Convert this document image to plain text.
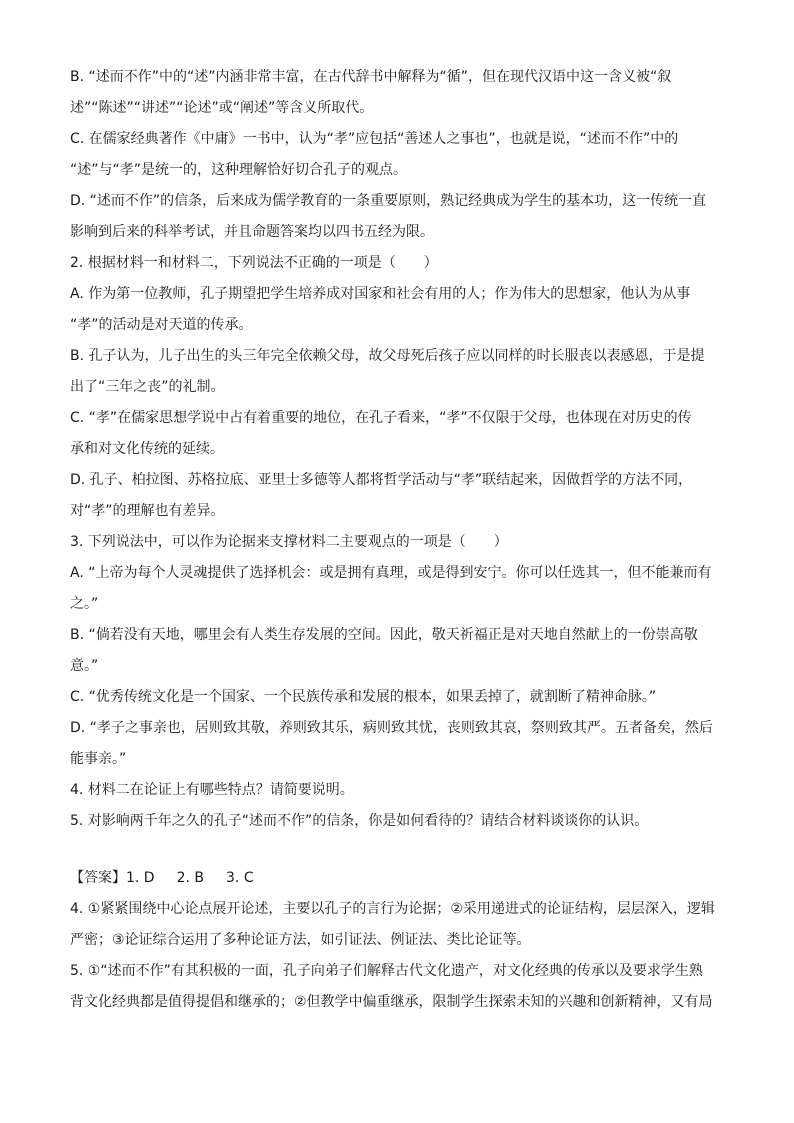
B. “述而不作”中的“述”内涵非常丰富，在古代辞书中解释为“循”，但在现代汉语中这一含义被“叙
述”“陈述”“讲述”“论述”或“阐述”等含义所取代。
C. 在儒家经典著作《中庸》一书中，认为“孝”应包括“善述人之事也”，也就是说，“述而不作”中的
“述”与“孝”是统一的，这种理解恰好切合孔子的观点。
D. “述而不作”的信条，后来成为儒学教育的一条重要原则，熟记经典成为学生的基本功，这一传统一直
影响到后来的科举考试，并且命题答案均以四书五经为限。
2. 根据材料一和材料二，下列说法不正确的一项是（　　）
A. 作为第一位教师，孔子期望把学生培养成对国家和社会有用的人；作为伟大的思想家，他认为从事
“孝”的活动是对天道的传承。
B. 孔子认为，儿子出生的头三年完全依赖父母，故父母死后孩子应以同样的时长服丧以表感恩，于是提
出了“三年之丧”的礼制。
C. “孝”在儒家思想学说中占有着重要的地位，在孔子看来，“孝”不仅限于父母，也体现在对历史的传
承和对文化传统的延续。
D. 孔子、柏拉图、苏格拉底、亚里士多德等人都将哲学活动与“孝”联结起来，因做哲学的方法不同，
对“孝”的理解也有差异。
3. 下列说法中，可以作为论据来支撑材料二主要观点的一项是（　　）
A. “上帝为每个人灵魂提供了选择机会：或是拥有真理，或是得到安宁。你可以任选其一，但不能兼而有
之。”
B. “倘若没有天地，哪里会有人类生存发展的空间。因此，敬天祈福正是对天地自然献上的一份崇高敬
意。”
C. “优秀传统文化是一个国家、一个民族传承和发展的根本，如果丢掉了，就割断了精神命脉。”
D. “孝子之事亲也，居则致其敬，养则致其乐，病则致其忧，丧则致其哀，祭则致其严。五者备矣，然后
能事亲。”
4. 材料二在论证上有哪些特点？请简要说明。
5. 对影响两千年之久的孔子“述而不作”的信条，你是如何看待的？请结合材料谈谈你的认识。
【答案】1. D 2. B 3. C
4. ①紧紧围绕中心论点展开论述，主要以孔子的言行为论据；②采用递进式的论证结构，层层深入，逻辑
严密；③论证综合运用了多种论证方法，如引证法、例证法、类比论证等。
5. ①“述而不作”有其积极的一面，孔子向弟子们解释古代文化遗产，对文化经典的传承以及要求学生熟
背文化经典都是值得提倡和继承的；②但教学中偏重继承，限制学生探索未知的兴趣和创新精神，又有局
